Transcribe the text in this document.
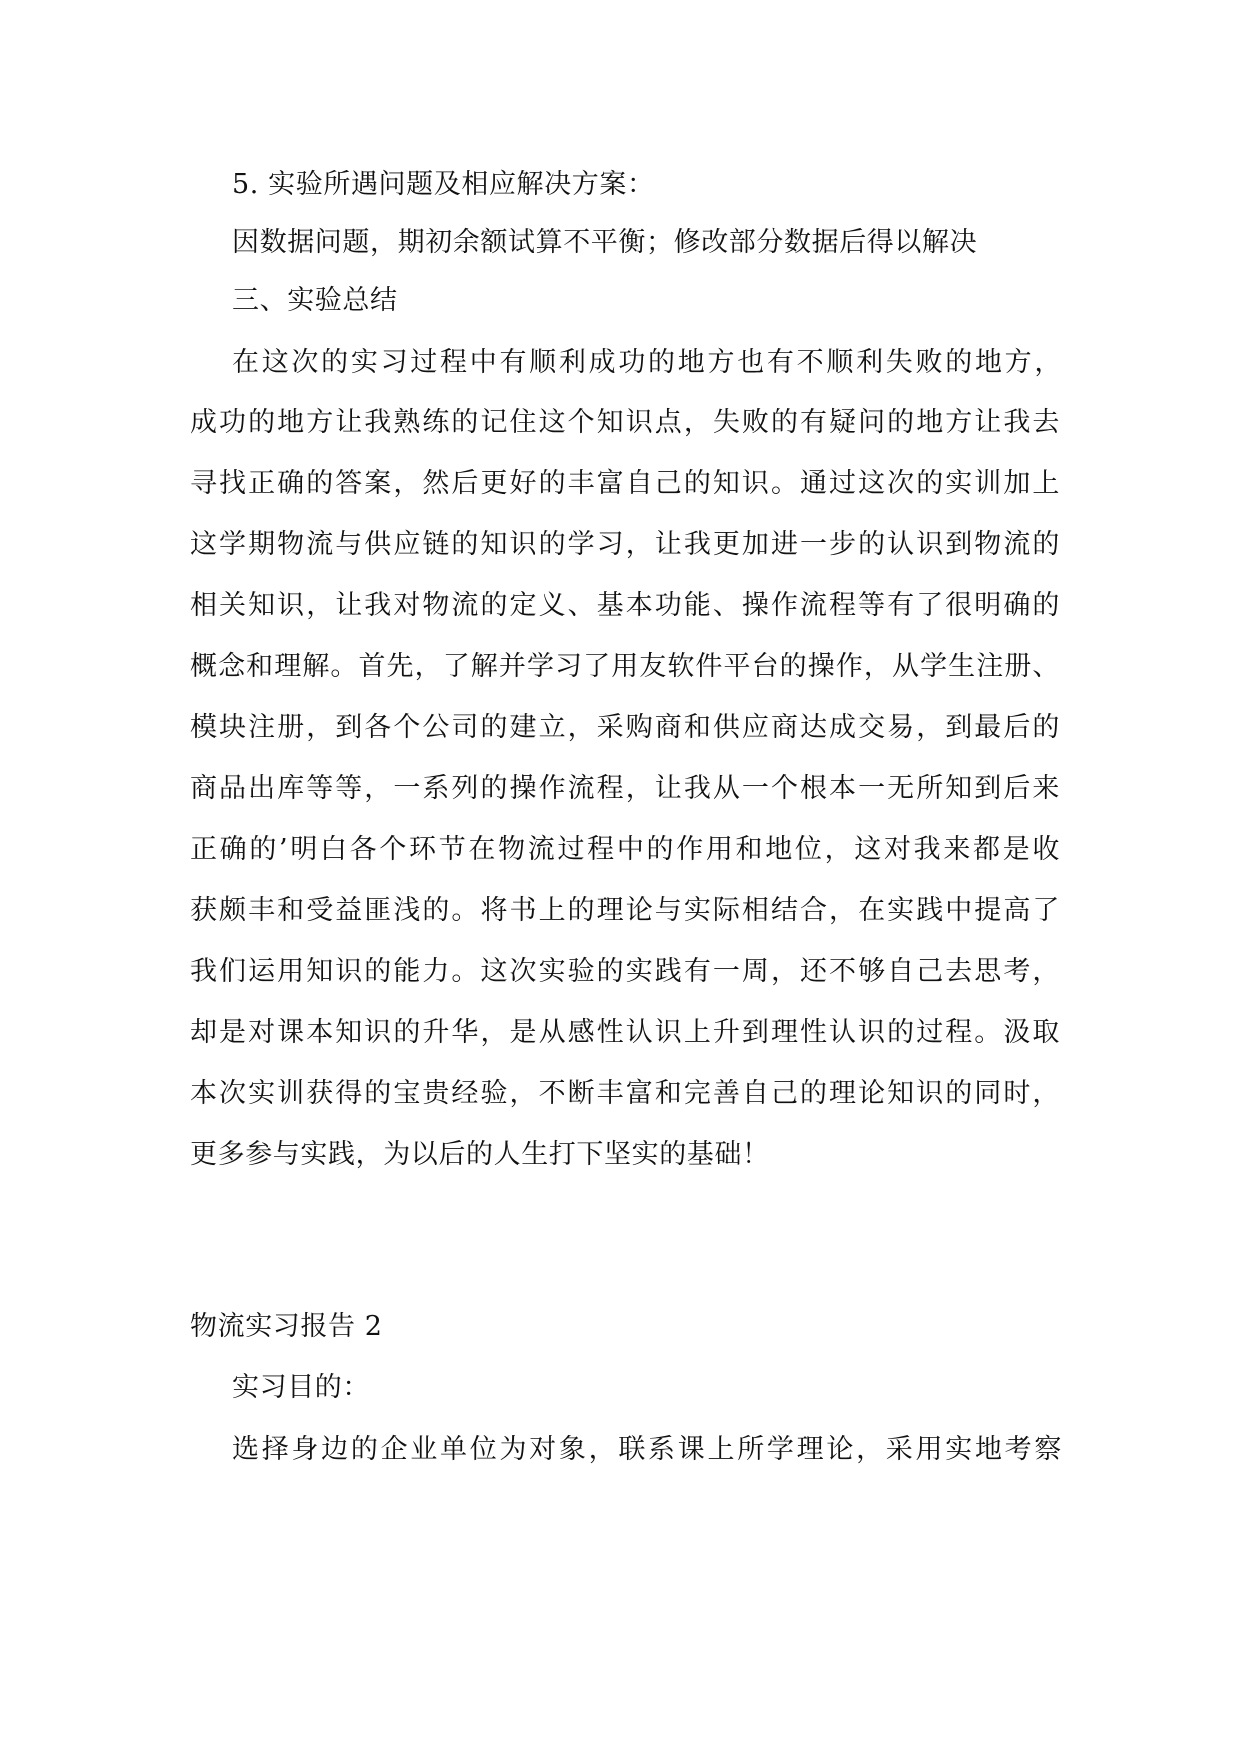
5. 实验所遇问题及相应解决方案：
因数据问题，期初余额试算不平衡；修改部分数据后得以解决
三、实验总结
在这次的实习过程中有顺利成功的地方也有不顺利失败的地方，
成功的地方让我熟练的记住这个知识点，失败的有疑问的地方让我去
寻找正确的答案，然后更好的丰富自己的知识。通过这次的实训加上
这学期物流与供应链的知识的学习，让我更加进一步的认识到物流的
相关知识，让我对物流的定义、基本功能、操作流程等有了很明确的
概念和理解。首先，了解并学习了用友软件平台的操作，从学生注册、
模块注册，到各个公司的建立，采购商和供应商达成交易，到最后的
商品出库等等，一系列的操作流程，让我从一个根本一无所知到后来
正确的’明白各个环节在物流过程中的作用和地位，这对我来都是收
获颇丰和受益匪浅的。将书上的理论与实际相结合，在实践中提高了
我们运用知识的能力。这次实验的实践有一周，还不够自己去思考，
却是对课本知识的升华，是从感性认识上升到理性认识的过程。汲取
本次实训获得的宝贵经验，不断丰富和完善自己的理论知识的同时，
更多参与实践，为以后的人生打下坚实的基础！
物流实习报告 2
实习目的：
选择身边的企业单位为对象，联系课上所学理论，采用实地考察
